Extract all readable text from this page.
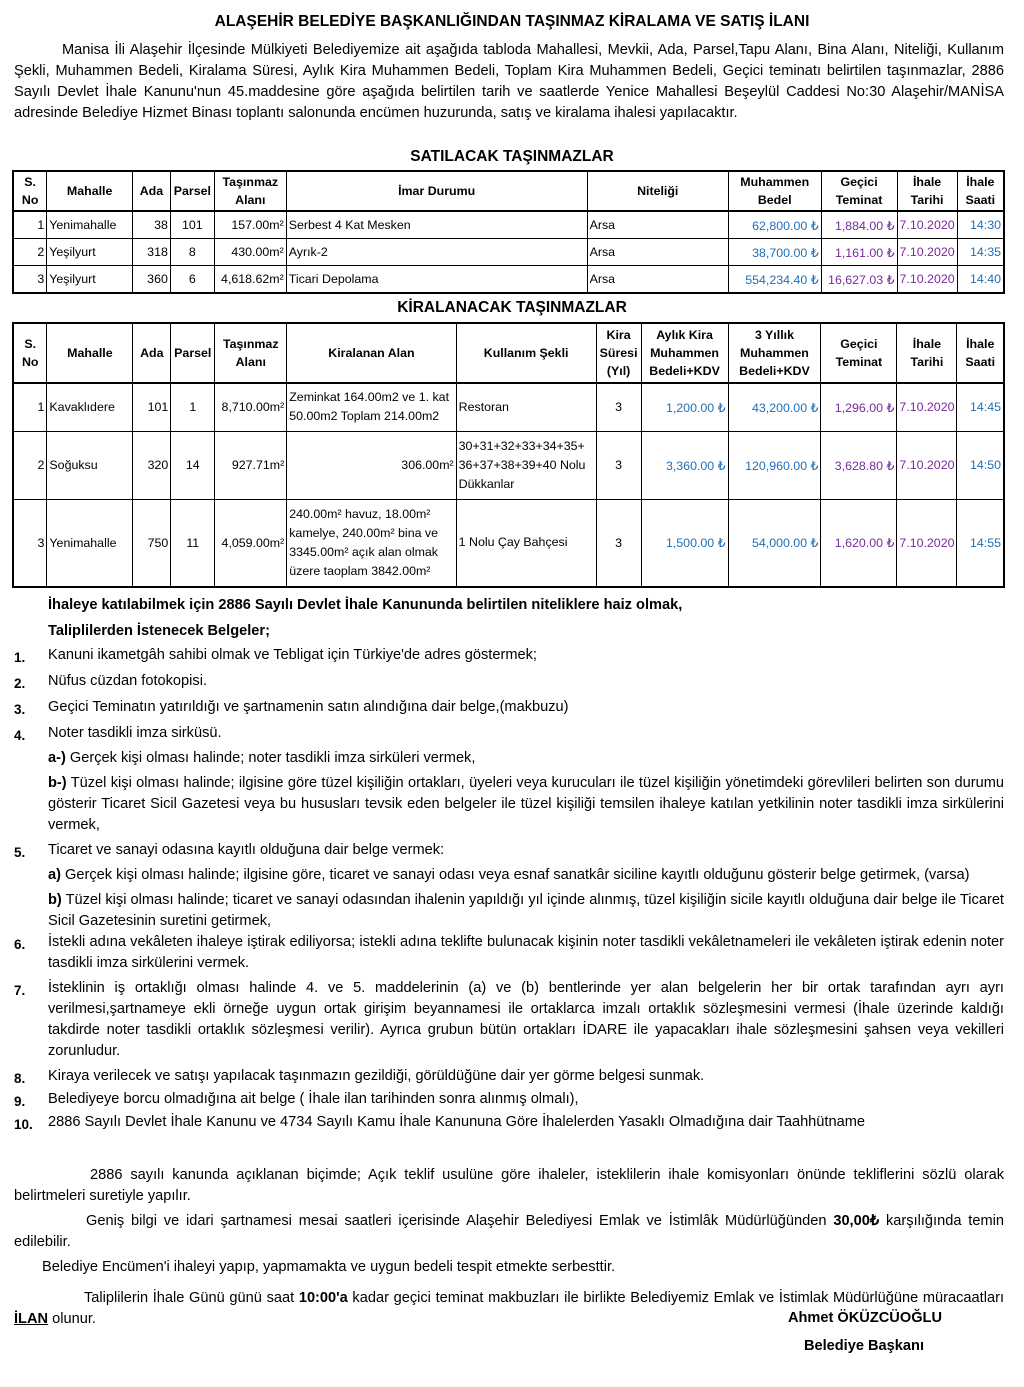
ALAŞEHİR BELEDİYE BAŞKANLIĞINDAN TAŞINMAZ KİRALAMA VE SATIŞ İLANI
Manisa İli Alaşehir İlçesinde Mülkiyeti Belediyemize ait aşağıda tabloda Mahallesi, Mevkii, Ada, Parsel,Tapu Alanı, Bina Alanı, Niteliği, Kullanım Şekli, Muhammen Bedeli, Kiralama Süresi, Aylık Kira Muhammen Bedeli, Toplam Kira Muhammen Bedeli, Geçici teminatı belirtilen taşınmazlar, 2886 Sayılı Devlet İhale Kanunu'nun 45.maddesine göre aşağıda belirtilen tarih ve saatlerde Yenice Mahallesi Beşeylül Caddesi No:30 Alaşehir/MANİSA adresinde Belediye Hizmet Binası toplantı salonunda encümen huzurunda, satış ve kiralama ihalesi yapılacaktır.
SATILACAK TAŞINMAZLAR
S. No	Mahalle	Ada	Parsel	Taşınmaz Alanı	İmar Durumu	Niteliği	Muhammen Bedel	Geçici Teminat	İhale Tarihi	İhale Saati
1	Yenimahalle	38	101	157.00m²	Serbest 4 Kat Mesken	Arsa	62,800.00 ₺	1,884.00 ₺	7.10.2020	14:30
2	Yeşilyurt	318	8	430.00m²	Ayrık-2	Arsa	38,700.00 ₺	1,161.00 ₺	7.10.2020	14:35
3	Yeşilyurt	360	6	4,618.62m²	Ticari Depolama	Arsa	554,234.40 ₺	16,627.03 ₺	7.10.2020	14:40
KİRALANACAK TAŞINMAZLAR
S. No	Mahalle	Ada	Parsel	Taşınmaz Alanı	Kiralanan Alan	Kullanım Şekli	Kira Süresi (Yıl)	Aylık Kira Muhammen Bedeli+KDV	3 Yıllık Muhammen Bedeli+KDV	Geçici Teminat	İhale Tarihi	İhale Saati
1	Kavaklıdere	101	1	8,710.00m²	Zeminkat 164.00m2 ve 1. kat 50.00m2 Toplam 214.00m2	Restoran	3	1,200.00 ₺	43,200.00 ₺	1,296.00 ₺	7.10.2020	14:45
2	Soğuksu	320	14	927.71m²	306.00m²	30+31+32+33+34+35+ 36+37+38+39+40 Nolu Dükkanlar	3	3,360.00 ₺	120,960.00 ₺	3,628.80 ₺	7.10.2020	14:50
3	Yenimahalle	750	11	4,059.00m²	240.00m² havuz, 18.00m² kamelye, 240.00m² bina ve 3345.00m² açık alan olmak üzere taoplam 3842.00m²	1 Nolu Çay Bahçesi	3	1,500.00 ₺	54,000.00 ₺	1,620.00 ₺	7.10.2020	14:55
İhaleye katılabilmek için 2886 Sayılı Devlet İhale Kanununda belirtilen niteliklere haiz olmak,
Taliplilerden İstenecek Belgeler;
1. Kanuni ikametgâh sahibi olmak ve Tebligat için Türkiye'de adres göstermek;
2. Nüfus cüzdan fotokopisi.
3. Geçici Teminatın yatırıldığı ve şartnamenin satın alındığına dair belge,(makbuzu)
4. Noter tasdikli imza sirküsü.
a-) Gerçek kişi olması halinde; noter tasdikli imza sirküleri vermek,
b-) Tüzel kişi olması halinde; ilgisine göre tüzel kişiliğin ortakları, üyeleri veya kurucuları ile tüzel kişiliğin yönetimdeki görevlileri belirten son durumu gösterir Ticaret Sicil Gazetesi veya bu hususları tevsik eden belgeler ile tüzel kişiliği temsilen ihaleye katılan yetkilinin noter tasdikli imza sirkülerini vermek,
5. Ticaret ve sanayi odasına kayıtlı olduğuna dair belge vermek:
a) Gerçek kişi olması halinde; ilgisine göre, ticaret ve sanayi odası veya esnaf sanatkâr siciline kayıtlı olduğunu gösterir belge getirmek, (varsa)
b) Tüzel kişi olması halinde; ticaret ve sanayi odasından ihalenin yapıldığı yıl içinde alınmış, tüzel kişiliğin sicile kayıtlı olduğuna dair belge ile Ticaret Sicil Gazetesinin suretini getirmek,
6. İstekli adına vekâleten ihaleye iştirak ediliyorsa; istekli adına teklifte bulunacak kişinin noter tasdikli vekâletnameleri ile vekâleten iştirak edenin noter tasdikli imza sirkülerini vermek.
7. İsteklinin iş ortaklığı olması halinde 4. ve 5. maddelerinin (a) ve (b) bentlerinde yer alan belgelerin her bir ortak tarafından ayrı ayrı verilmesi,şartnameye ekli örneğe uygun ortak girişim beyannamesi ile ortaklarca imzalı ortaklık sözleşmesini vermesi (İhale üzerinde kaldığı takdirde noter tasdikli ortaklık sözleşmesi verilir). Ayrıca grubun bütün ortakları İDARE ile yapacakları ihale sözleşmesini şahsen veya vekilleri zorunludur.
8. Kiraya verilecek ve satışı yapılacak taşınmazın gezildiği, görüldüğüne dair yer görme belgesi sunmak.
9. Belediyeye borcu olmadığına ait belge ( İhale ilan tarihinden sonra alınmış olmalı),
10. 2886 Sayılı Devlet İhale Kanunu ve 4734 Sayılı Kamu İhale Kanununa Göre İhalelerden Yasaklı Olmadığına dair Taahhütname

2886 sayılı kanunda açıklanan biçimde; Açık teklif usulüne göre ihaleler, isteklilerin ihale komisyonları önünde tekliflerini sözlü olarak belirtmeleri suretiyle yapılır.

Geniş bilgi ve idari şartnamesi mesai saatleri içerisinde Alaşehir Belediyesi Emlak ve İstimlâk Müdürlüğünden 30,00₺ karşılığında temin edilebilir.

Belediye Encümen'i ihaleyi yapıp, yapmamakta ve uygun bedeli tespit etmekte serbesttir.

Taliplilerin İhale Günü günü saat 10:00'a kadar geçici teminat makbuzları ile birlikte Belediyemiz Emlak ve İstimlak Müdürlüğüne müracaatları İLAN olunur.	Ahmet ÖKÜZCÜOĞLU
Belediye Başkanı
